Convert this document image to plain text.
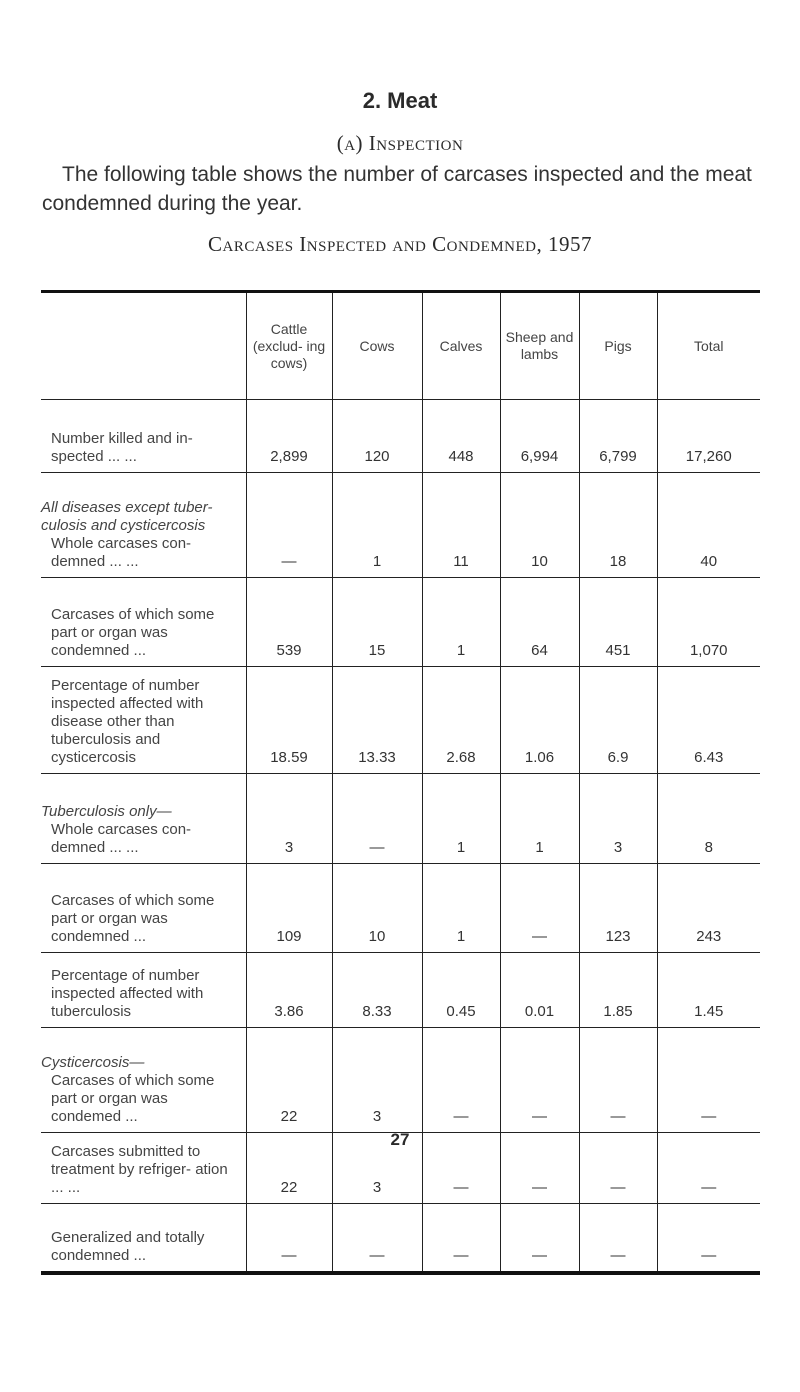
2. Meat
(a) Inspection

The following table shows the number of carcases inspected and the meat condemned during the year.

Carcases Inspected and Condemned, 1957
	Cattle (exclud- ing cows)	Cows	Calves	Sheep and lambs	Pigs	Total

Number killed and in- spected ... ...	2,899	120	448	6,994	6,799	17,260

All diseases except tuber- culosis and cysticercosis
Whole carcases con- demned ... ...	—	1	11	10	18	40

Carcases of which some part or organ was condemned ...	539	15	1	64	451	1,070

Percentage of number inspected affected with disease other than tuberculosis and cysticercosis	18.59	13.33	2.68	1.06	6.9	6.43

Tuberculosis only—
Whole carcases con- demned ... ...	3	—	1	1	3	8

Carcases of which some part or organ was condemned ...	109	10	1	—	123	243

Percentage of number inspected affected with tuberculosis	3.86	8.33	0.45	0.01	1.85	1.45

Cysticercosis—
Carcases of which some part or organ was condemed ...	22	3	—	—	—	—

Carcases submitted to treatment by refriger- ation ... ...	22	3	—	—	—	—

Generalized and totally condemned ...	—	—	—	—	—	—
27
